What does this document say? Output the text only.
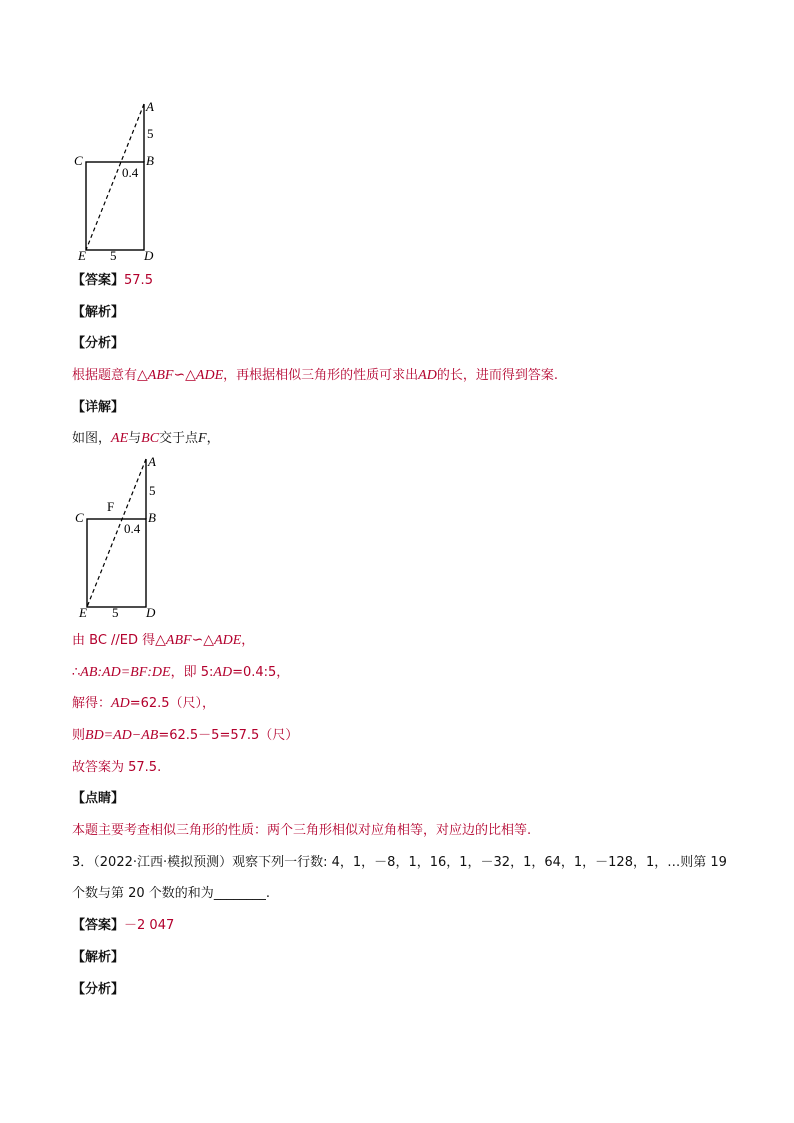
A
5
B
C
0.4
E 5 D
【答案】57.5
【解析】
【分析】
根据题意有△ABF∽△ADE，再根据相似三角形的性质可求出AD的长，进而得到答案.
【详解】
如图，AE与BC交于点F，
A
5
B
C
F
0.4
E 5 D
由 BC //ED 得△ABF∽△ADE，
∴AB:AD=BF:DE，即 5:AD=0.4:5，
解得：AD=62.5（尺），
则BD=AD−AB=62.5－5=57.5（尺）
故答案为 57.5.
【点睛】
本题主要考查相似三角形的性质：两个三角形相似对应角相等，对应边的比相等.
3．（2022·江西·模拟预测）观察下列一行数: 4，1，－8，1，16，1，－32，1，64，1，－128，1，…则第 19
个数与第 20 个数的和为________.
【答案】－2 047
【解析】
【分析】
